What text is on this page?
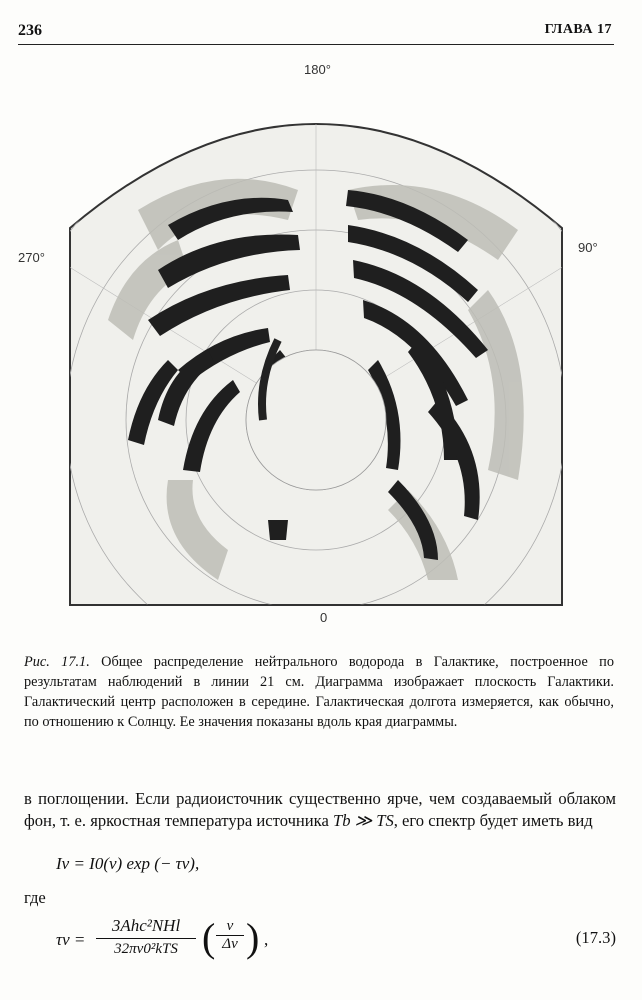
236	ГЛАВА 17
180°
270°
90°
0
Рис. 17.1. Общее распределение нейтрального водорода в Галактике, построенное по результатам наблюдений в линии 21 см. Диаграмма изображает плоскость Галактики. Галактический центр расположен в середине. Галактическая долгота измеряется, как обычно, по отношению к Солнцу. Ее значения показаны вдоль края диаграммы.
в поглощении. Если радиоисточник существенно ярче, чем создаваемый облаком фон, т. е. яркостная температура источника Tb ≫ TS, его спектр будет иметь вид
Iν = I0(ν) exp (− τν),
где
τν =
3Ahc²NHl
32πν0²kTS ( $\frac{\nu}{\Delta\nu}$ ) ,	(17.3)
